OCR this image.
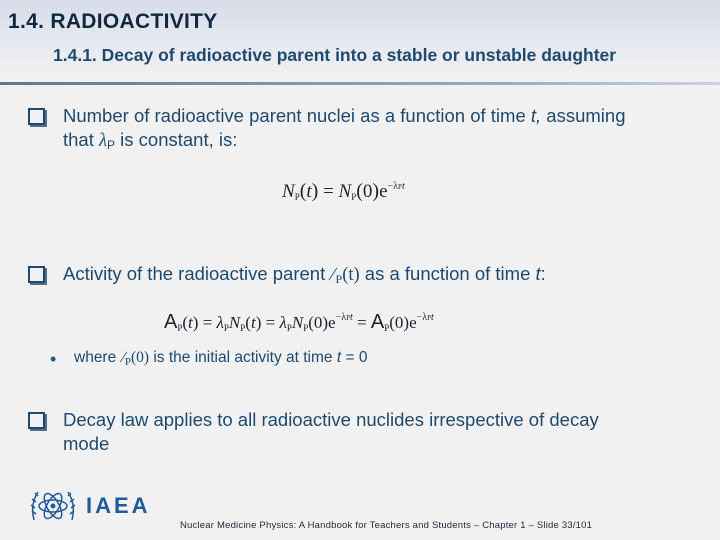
1.4. RADIOACTIVITY
1.4.1. Decay of radioactive parent into a stable or unstable daughter
Number of radioactive parent nuclei as a function of time t, assuming
that $\lambda_P$ is constant, is:
$N_P(t) = N_P(0)e^{-\lambda Pt}$
Activity of the radioactive parent $/_P(t)$ as a function of time t:
$A_P(t) = \lambda_PN_P(t) = \lambda_PN_P(0)e^{-\lambda Pt} = A_P(0)e^{-\lambda Pt}$
• where $/_P(0)$ is the initial activity at time t = 0
Decay law applies to all radioactive nuclides irrespective of decay
mode
IAEA
Nuclear Medicine Physics: A Handbook for Teachers and Students – Chapter 1 – Slide 33/101
